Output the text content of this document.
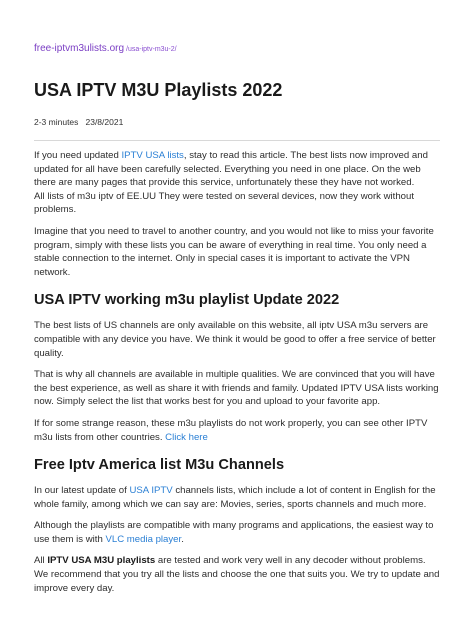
free-iptvm3ulists.org /usa-iptv-m3u-2/
USA IPTV M3U Playlists 2022
2-3 minutes   23/8/2021

If you need updated IPTV USA lists, stay to read this article. The best lists now improved and updated for all have been carefully selected. Everything you need in one place. On the web there are many pages that provide this service, unfortunately these they have not worked.

All lists of m3u iptv of EE.UU They were tested on several devices, now they work without problems.

Imagine that you need to travel to another country, and you would not like to miss your favorite program, simply with these lists you can be aware of everything in real time. You only need a stable connection to the internet. Only in special cases it is important to activate the VPN network.

USA IPTV working m3u playlist Update 2022

The best lists of US channels are only available on this website, all iptv USA m3u servers are compatible with any device you have. We think it would be good to offer a free service of better quality.

That is why all channels are available in multiple qualities. We are convinced that you will have the best experience, as well as share it with friends and family. Updated IPTV USA lists working now. Simply select the list that works best for you and upload to your favorite app.

If for some strange reason, these m3u playlists do not work properly, you can see other IPTV m3u lists from other countries. Click here

Free Iptv America list M3u Channels

In our latest update of USA IPTV channels lists, which include a lot of content in English for the whole family, among which we can say are: Movies, series, sports channels and much more.

Although the playlists are compatible with many programs and applications, the easiest way to use them is with VLC media player.

All IPTV USA M3U playlists are tested and work very well in any decoder without problems. We recommend that you try all the lists and choose the one that suits you. We try to update and improve every day.
